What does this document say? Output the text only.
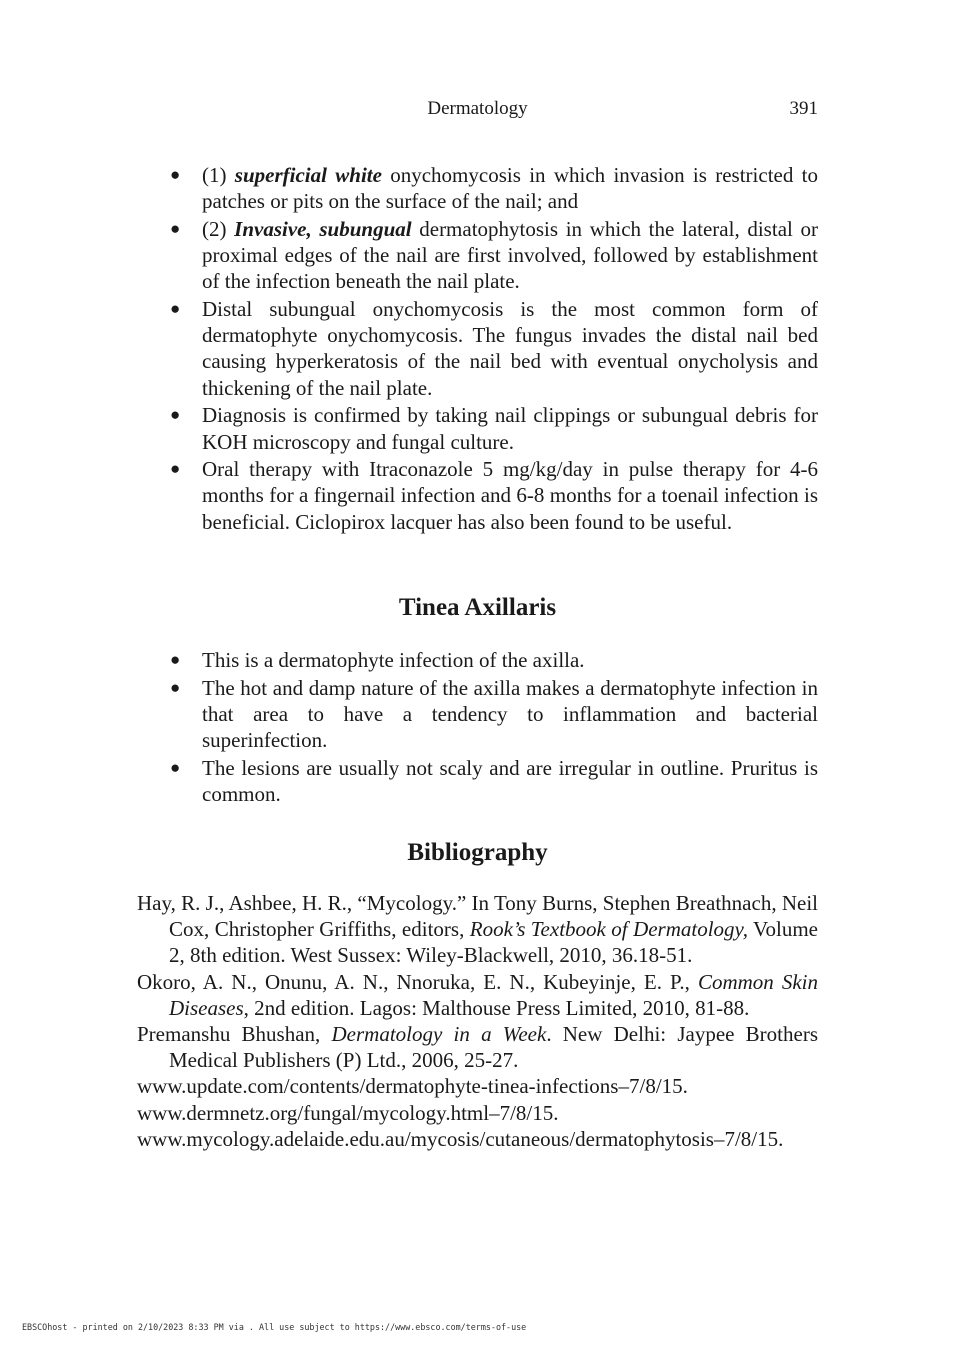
Dermatology	391
● (1) superficial white onychomycosis in which invasion is restricted to patches or pits on the surface of the nail; and
● (2) Invasive, subungual dermatophytosis in which the lateral, distal or proximal edges of the nail are first involved, followed by establishment of the infection beneath the nail plate.
● Distal subungual onychomycosis is the most common form of dermatophyte onychomycosis. The fungus invades the distal nail bed causing hyperkeratosis of the nail bed with eventual onycholysis and thickening of the nail plate.
● Diagnosis is confirmed by taking nail clippings or subungual debris for KOH microscopy and fungal culture.
● Oral therapy with Itraconazole 5 mg/kg/day in pulse therapy for 4-6 months for a fingernail infection and 6-8 months for a toenail infection is beneficial. Ciclopirox lacquer has also been found to be useful.
Tinea Axillaris
● This is a dermatophyte infection of the axilla.
● The hot and damp nature of the axilla makes a dermatophyte infection in that area to have a tendency to inflammation and bacterial superinfection.
● The lesions are usually not scaly and are irregular in outline. Pruritus is common.
Bibliography
Hay, R. J., Ashbee, H. R., “Mycology.” In Tony Burns, Stephen Breathnach, Neil Cox, Christopher Griffiths, editors, Rook’s Textbook of Dermatology, Volume 2, 8th edition. West Sussex: Wiley-Blackwell, 2010, 36.18-51.
Okoro, A. N., Onunu, A. N., Nnoruka, E. N., Kubeyinje, E. P., Common Skin Diseases, 2nd edition. Lagos: Malthouse Press Limited, 2010, 81-88.
Premanshu Bhushan, Dermatology in a Week. New Delhi: Jaypee Brothers Medical Publishers (P) Ltd., 2006, 25-27.
www.update.com/contents/dermatophyte-tinea-infections–7/8/15.
www.dermnetz.org/fungal/mycology.html–7/8/15.
www.mycology.adelaide.edu.au/mycosis/cutaneous/dermatophytosis–7/8/15.
EBSCOhost - printed on 2/10/2023 8:33 PM via . All use subject to https://www.ebsco.com/terms-of-use
